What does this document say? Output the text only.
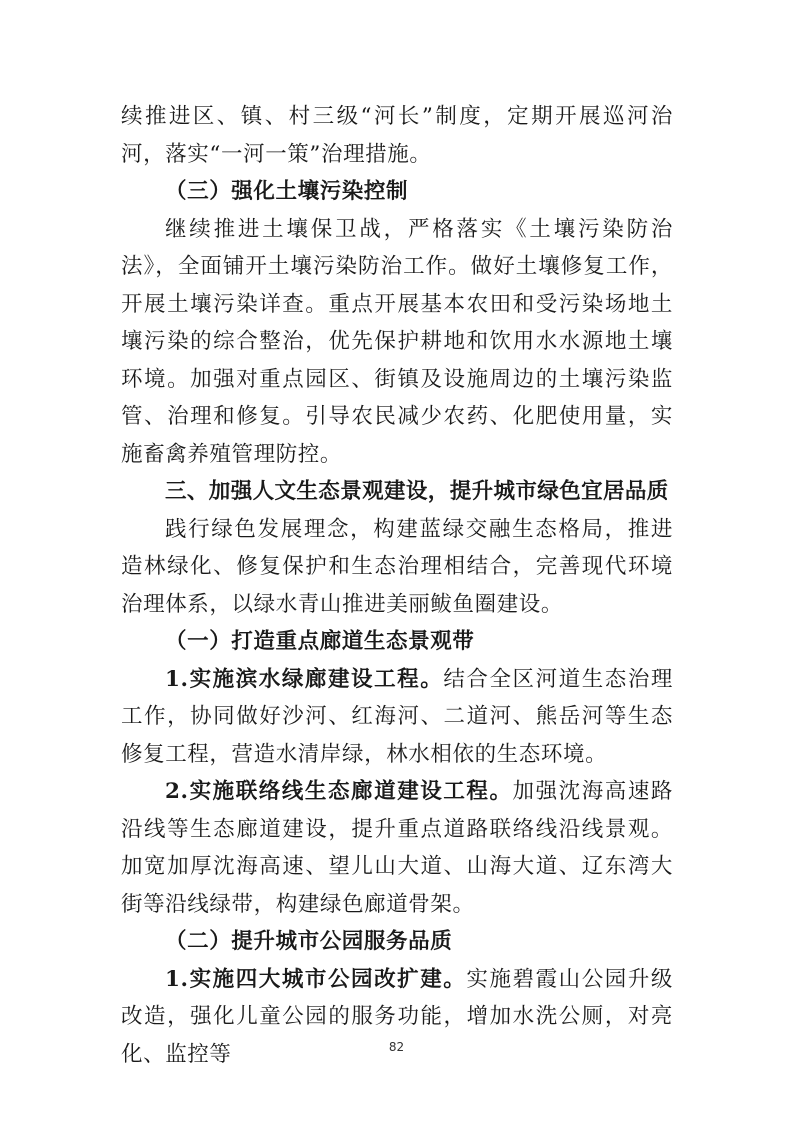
续推进区、镇、村三级“河长”制度，定期开展巡河治河，落实“一河一策”治理措施。

（三）强化土壤污染控制

继续推进土壤保卫战，严格落实《土壤污染防治法》，全面铺开土壤污染防治工作。做好土壤修复工作，开展土壤污染详查。重点开展基本农田和受污染场地土壤污染的综合整治，优先保护耕地和饮用水水源地土壤环境。加强对重点园区、街镇及设施周边的土壤污染监管、治理和修复。引导农民减少农药、化肥使用量，实施畜禽养殖管理防控。

三、加强人文生态景观建设，提升城市绿色宜居品质

践行绿色发展理念，构建蓝绿交融生态格局，推进造林绿化、修复保护和生态治理相结合，完善现代环境治理体系，以绿水青山推进美丽鲅鱼圈建设。

（一）打造重点廊道生态景观带

1.实施滨水绿廊建设工程。结合全区河道生态治理工作，协同做好沙河、红海河、二道河、熊岳河等生态修复工程，营造水清岸绿，林水相依的生态环境。

2.实施联络线生态廊道建设工程。加强沈海高速路沿线等生态廊道建设，提升重点道路联络线沿线景观。加宽加厚沈海高速、望儿山大道、山海大道、辽东湾大街等沿线绿带，构建绿色廊道骨架。

（二）提升城市公园服务品质

1.实施四大城市公园改扩建。实施碧霞山公园升级改造，强化儿童公园的服务功能，增加水洗公厕，对亮化、监控等	82
